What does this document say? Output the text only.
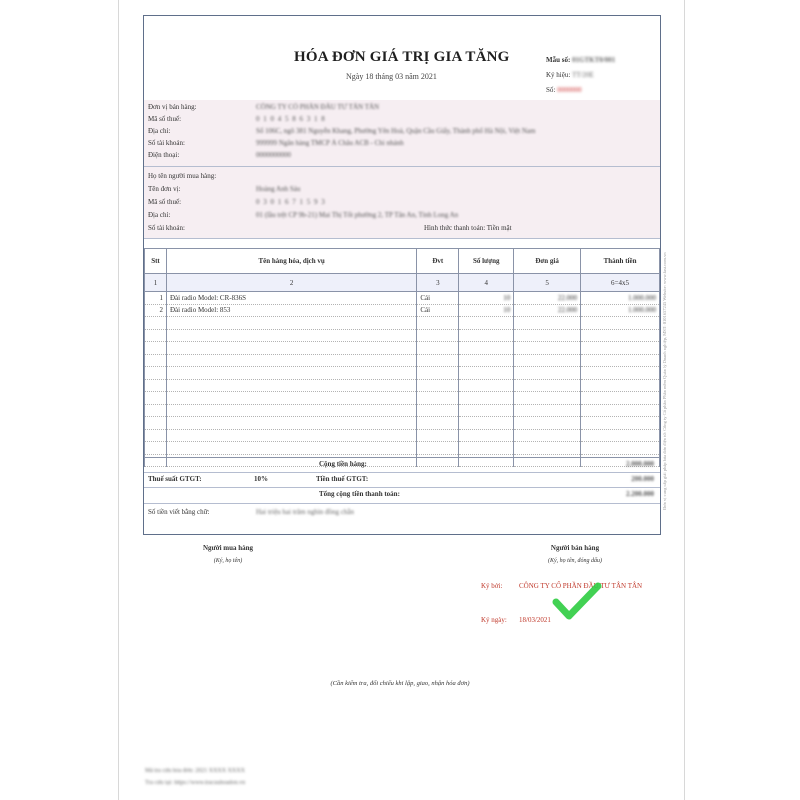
HÓA ĐƠN GIÁ TRỊ GIA TĂNG
Ngày 18 tháng 03 năm 2021
Mẫu số: 01GTKT0/001
Ký hiệu: TT/20E
Số: 0000000
Đơn vị bán hàng:	CÔNG TY CỔ PHẦN ĐẦU TƯ TÂN TÂN
Mã số thuế:	0 1 0 4 5 8 6 3 1 8
Địa chỉ:	Số 106C, ngõ 381 Nguyễn Khang, Phường Yên Hoà, Quận Cầu Giấy, Thành phố Hà Nội, Việt Nam
Số tài khoản:	999999 Ngân hàng TMCP Á Châu ACB - Chi nhánh
Điện thoại:	0000000000
Họ tên người mua hàng:
Tên đơn vị:	Hoàng Anh Sáu
Mã số thuế:	0 3 0 1 6 7 1 5 9 3
Địa chỉ:	01 (lầu trệt CP 9b-21) Mai Thị Tốt phường 2, TP Tân An, Tỉnh Long An
Số tài khoản:	Hình thức thanh toán: Tiền mặt
Stt	Tên hàng hóa, dịch vụ	Đvt	Số lượng	Đơn giá	Thành tiền
1	2	3	4	5	6=4x5
1	Đài radio Model: CR-836S	Cái	10	22.000	1.000.000
2	Đài radio Model: 853	Cái	10	22.000	1.000.000

Cộng tiền hàng:	2.000.000
Thuế suất GTGT:	10%	Tiền thuế GTGT:	200.000
Tổng cộng tiền thanh toán:	2.200.000
Số tiền viết bằng chữ:	Hai triệu hai trăm nghìn đồng chẵn
Người mua hàng
(Ký, họ tên)
Người bán hàng
(Ký, họ tên, đóng dấu)
Ký bởi: CÔNG TY CỔ PHẦN ĐẦU TƯ TÂN TÂN
Ký ngày: 18/03/2021
(Cần kiểm tra, đối chiếu khi lập, giao, nhận hóa đơn)
Mã tra cứu hóa đơn: 2021 XXXX XXXX
Tra cứu tại: https://www.tracuuhoadon.vn
Đơn vị cung cấp giải pháp hóa đơn điện tử: Công ty Cổ phần Phần mềm Quản lý Doanh nghiệp, MST: 0101657245 Website: www.fast.com.vn
